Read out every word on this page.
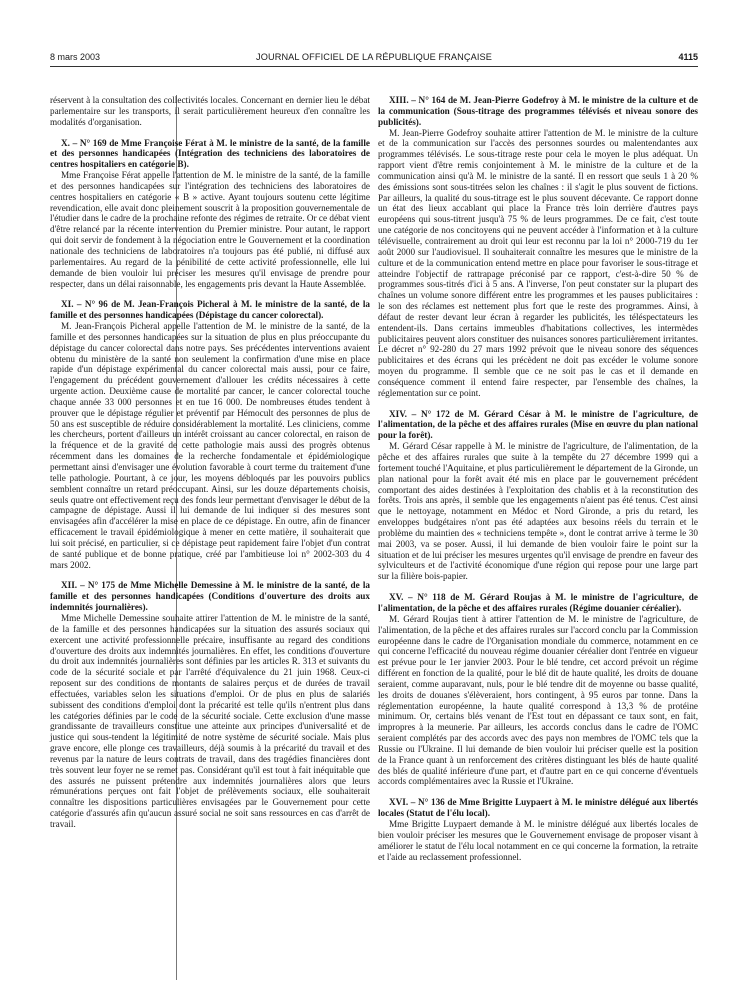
8 mars 2003	JOURNAL OFFICIEL DE LA RÉPUBLIQUE FRANÇAISE	4115

réservent à la consultation des collectivités locales. Concernant en dernier lieu le débat parlementaire sur les transports, il serait particulièrement heureux d'en connaître les modalités d'organisation.

X. – N° 169 de Mme Françoise Férat à M. le ministre de la santé, de la famille et des personnes handicapées (Intégration des techniciens des laboratoires de centres hospitaliers en catégorie B).

Mme Françoise Férat appelle l'attention de M. le ministre de la santé, de la famille et des personnes handicapées sur l'intégration des techniciens des laboratoires de centres hospitaliers en catégorie « B » active. Ayant toujours soutenu cette légitime revendication, elle avait donc pleinement souscrit à la proposition gouvernementale de l'étudier dans le cadre de la prochaine refonte des régimes de retraite. Or ce débat vient d'être relancé par la récente intervention du Premier ministre. Pour autant, le rapport qui doit servir de fondement à la négociation entre le Gouvernement et la coordination nationale des techniciens de laboratoires n'a toujours pas été publié, ni diffusé aux parlementaires. Au regard de la pénibilité de cette activité professionnelle, elle lui demande de bien vouloir lui préciser les mesures qu'il envisage de prendre pour respecter, dans un délai raisonnable, les engagements pris devant la Haute Assemblée.

XI. – N° 96 de M. Jean-François Picheral à M. le ministre de la santé, de la famille et des personnes handicapées (Dépistage du cancer colorectal).

M. Jean-François Picheral appelle l'attention de M. le ministre de la santé, de la famille et des personnes handicapées sur la situation de plus en plus préoccupante du dépistage du cancer colorectal dans notre pays. Ses précédentes interventions avaient obtenu du ministère de la santé non seulement la confirmation d'une mise en place rapide d'un dépistage expérimental du cancer colorectal mais aussi, pour ce faire, l'engagement du précédent gouvernement d'allouer les crédits nécessaires à cette urgente action. Deuxième cause de mortalité par cancer, le cancer colorectal touche chaque année 33 000 personnes et en tue 16 000. De nombreuses études tendent à prouver que le dépistage régulier et préventif par Hémocult des personnes de plus de 50 ans est susceptible de réduire considérablement la mortalité. Les cliniciens, comme les chercheurs, portent d'ailleurs un intérêt croissant au cancer colorectal, en raison de la fréquence et de la gravité de cette pathologie mais aussi des progrès obtenus récemment dans les domaines de la recherche fondamentale et épidémiologique permettant ainsi d'envisager une évolution favorable à court terme du traitement d'une telle pathologie. Pourtant, à ce jour, les moyens débloqués par les pouvoirs publics semblent connaître un retard préoccupant. Ainsi, sur les douze départements choisis, seuls quatre ont effectivement reçu des fonds leur permettant d'envisager le début de la campagne de dépistage. Aussi il lui demande de lui indiquer si des mesures sont envisagées afin d'accélérer la mise en place de ce dépistage. En outre, afin de financer efficacement le travail épidémiologique à mener en cette matière, il souhaiterait que lui soit précisé, en particulier, si ce dépistage peut rapidement faire l'objet d'un contrat de santé publique et de bonne pratique, créé par l'ambitieuse loi n° 2002-303 du 4 mars 2002.

XII. – N° 175 de Mme Michelle Demessine à M. le ministre de la santé, de la famille et des personnes handicapées (Conditions d'ouverture des droits aux indemnités journalières).

Mme Michelle Demessine souhaite attirer l'attention de M. le ministre de la santé, de la famille et des personnes handicapées sur la situation des assurés sociaux qui exercent une activité professionnelle précaire, insuffisante au regard des conditions d'ouverture des droits aux indemnités journalières. En effet, les conditions d'ouverture du droit aux indemnités journalières sont définies par les articles R. 313 et suivants du code de la sécurité sociale et par l'arrêté d'équivalence du 21 juin 1968. Ceux-ci reposent sur des conditions de montants de salaires perçus et de durées de travail effectuées, variables selon les situations d'emploi. Or de plus en plus de salariés subissent des conditions d'emploi dont la précarité est telle qu'ils n'entrent plus dans les catégories définies par le code de la sécurité sociale. Cette exclusion d'une masse grandissante de travailleurs constitue une atteinte aux principes d'universalité et de justice qui sous-tendent la légitimité de notre système de sécurité sociale. Mais plus grave encore, elle plonge ces travailleurs, déjà soumis à la précarité du travail et des revenus par la nature de leurs contrats de travail, dans des tragédies financières dont très souvent leur foyer ne se remet pas. Considérant qu'il est tout à fait inéquitable que des assurés ne puissent prétendre aux indemnités journalières alors que leurs rémunérations perçues ont fait l'objet de prélèvements sociaux, elle souhaiterait connaître les dispositions particulières envisagées par le Gouvernement pour cette catégorie d'assurés afin qu'aucun assuré social ne soit sans ressources en cas d'arrêt de travail.

XIII. – N° 164 de M. Jean-Pierre Godefroy à M. le ministre de la culture et de la communication (Sous-titrage des programmes télévisés et niveau sonore des publicités).

M. Jean-Pierre Godefroy souhaite attirer l'attention de M. le ministre de la culture et de la communication sur l'accès des personnes sourdes ou malentendantes aux programmes télévisés. Le sous-titrage reste pour cela le moyen le plus adéquat. Un rapport vient d'être remis conjointement à M. le ministre de la culture et de la communication ainsi qu'à M. le ministre de la santé. Il en ressort que seuls 1 à 20 % des émissions sont sous-titrées selon les chaînes : il s'agit le plus souvent de fictions. Par ailleurs, la qualité du sous-titrage est le plus souvent décevante. Ce rapport donne un état des lieux accablant qui place la France très loin derrière d'autres pays européens qui sous-titrent jusqu'à 75 % de leurs programmes. De ce fait, c'est toute une catégorie de nos concitoyens qui ne peuvent accéder à l'information et à la culture télévisuelle, contrairement au droit qui leur est reconnu par la loi n° 2000-719 du 1er août 2000 sur l'audiovisuel. Il souhaiterait connaître les mesures que le ministre de la culture et de la communication entend mettre en place pour favoriser le sous-titrage et atteindre l'objectif de rattrapage préconisé par ce rapport, c'est-à-dire 50 % de programmes sous-titrés d'ici à 5 ans. A l'inverse, l'on peut constater sur la plupart des chaînes un volume sonore différent entre les programmes et les pauses publicitaires : le son des réclames est nettement plus fort que le reste des programmes. Ainsi, à défaut de rester devant leur écran à regarder les publicités, les téléspectateurs les entendent-ils. Dans certains immeubles d'habitations collectives, les intermèdes publicitaires peuvent alors constituer des nuisances sonores particulièrement irritantes. Le décret n° 92-280 du 27 mars 1992 prévoit que le niveau sonore des séquences publicitaires et des écrans qui les précèdent ne doit pas excéder le volume sonore moyen du programme. Il semble que ce ne soit pas le cas et il demande en conséquence comment il entend faire respecter, par l'ensemble des chaînes, la réglementation sur ce point.

XIV. – N° 172 de M. Gérard César à M. le ministre de l'agriculture, de l'alimentation, de la pêche et des affaires rurales (Mise en œuvre du plan national pour la forêt).

M. Gérard César rappelle à M. le ministre de l'agriculture, de l'alimentation, de la pêche et des affaires rurales que suite à la tempête du 27 décembre 1999 qui a fortement touché l'Aquitaine, et plus particulièrement le département de la Gironde, un plan national pour la forêt avait été mis en place par le gouvernement précédent comportant des aides destinées à l'exploitation des chablis et à la reconstitution des forêts. Trois ans après, il semble que les engagements n'aient pas été tenus. C'est ainsi que le nettoyage, notamment en Médoc et Nord Gironde, a pris du retard, les enveloppes budgétaires n'ont pas été adaptées aux besoins réels du terrain et le problème du maintien des « techniciens tempête », dont le contrat arrive à terme le 30 mai 2003, va se poser. Aussi, il lui demande de bien vouloir faire le point sur la situation et de lui préciser les mesures urgentes qu'il envisage de prendre en faveur des sylviculteurs et de l'activité économique d'une région qui repose pour une large part sur la filière bois-papier.

XV. – N° 118 de M. Gérard Roujas à M. le ministre de l'agriculture, de l'alimentation, de la pêche et des affaires rurales (Régime douanier céréalier).

M. Gérard Roujas tient à attirer l'attention de M. le ministre de l'agriculture, de l'alimentation, de la pêche et des affaires rurales sur l'accord conclu par la Commission européenne dans le cadre de l'Organisation mondiale du commerce, notamment en ce qui concerne l'efficacité du nouveau régime douanier céréalier dont l'entrée en vigueur est prévue pour le 1er janvier 2003. Pour le blé tendre, cet accord prévoit un régime différent en fonction de la qualité, pour le blé dit de haute qualité, les droits de douane seraient, comme auparavant, nuls, pour le blé tendre dit de moyenne ou basse qualité, les droits de douanes s'élèveraient, hors contingent, à 95 euros par tonne. Dans la réglementation européenne, la haute qualité correspond à 13,3 % de protéine minimum. Or, certains blés venant de l'Est tout en dépassant ce taux sont, en fait, impropres à la meunerie. Par ailleurs, les accords conclus dans le cadre de l'OMC seraient complétés par des accords avec des pays non membres de l'OMC tels que la Russie ou l'Ukraine. Il lui demande de bien vouloir lui préciser quelle est la position de la France quant à un renforcement des critères distinguant les blés de haute qualité des blés de qualité inférieure d'une part, et d'autre part en ce qui concerne d'éventuels accords complémentaires avec la Russie et l'Ukraine.

XVI. – N° 136 de Mme Brigitte Luypaert à M. le ministre délégué aux libertés locales (Statut de l'élu local).

Mme Brigitte Luypaert demande à M. le ministre délégué aux libertés locales de bien vouloir préciser les mesures que le Gouvernement envisage de proposer visant à améliorer le statut de l'élu local notamment en ce qui concerne la formation, la retraite et l'aide au reclassement professionnel.
